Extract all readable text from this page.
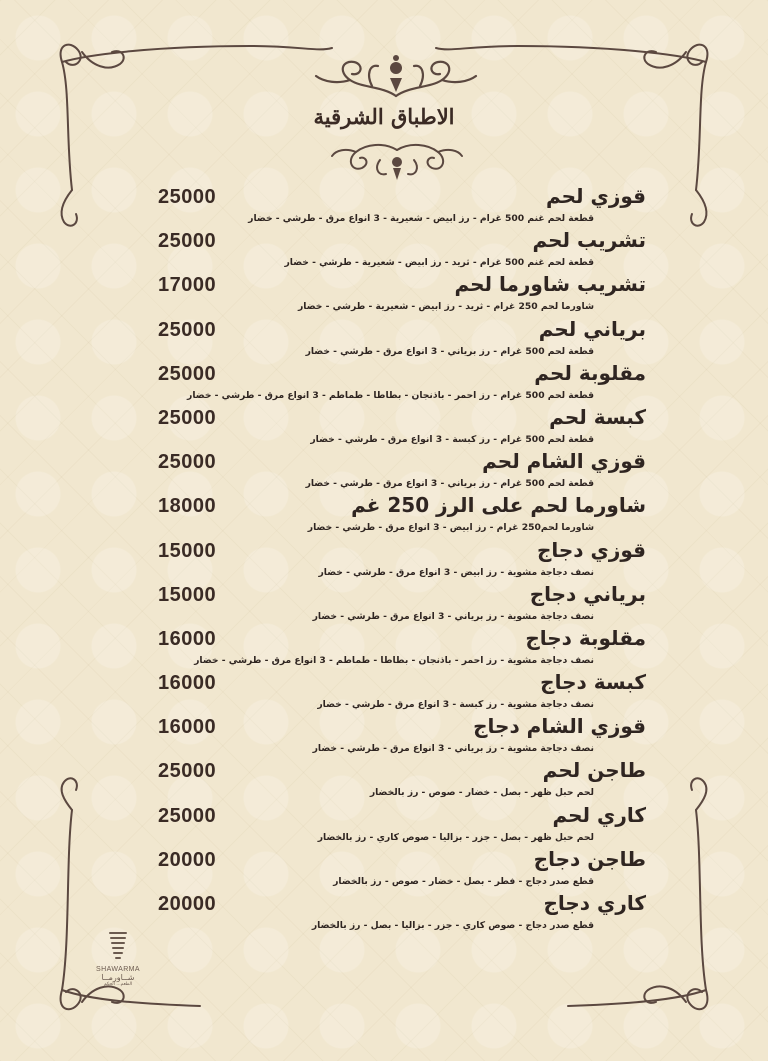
الاطباق الشرقية
قوزي لحم
25000
قطعة لحم غنم 500 غرام - رز ابيض - شعيرية - 3 انواع مرق - طرشي - خضار
تشريب لحم
25000
قطعة لحم غنم 500 غرام - ثريد - رز ابيض - شعيرية - طرشي - خضار
تشريب شاورما لحم
17000
شاورما لحم 250 غرام - ثريد - رز ابيض - شعيرية - طرشي - خضار
برياني لحم
25000
قطعة لحم 500 غرام - رز برياني - 3 انواع مرق - طرشي - خضار
مقلوبة لحم
25000
قطعة لحم 500 غرام - رز احمر - باذنجان - بطاطا - طماطم - 3 انواع مرق - طرشي - خضار
كبسة لحم
25000
قطعة لحم 500 غرام - رز كبسة - 3 انواع مرق - طرشي - خضار
قوزي الشام لحم
25000
قطعة لحم 500 غرام - رز برياني - 3 انواع مرق - طرشي - خضار
شاورما لحم على الرز 250 غم
18000
شاورما لحم250 غرام - رز ابيض - 3 انواع مرق - طرشي - خضار
قوزي دجاج
15000
نصف دجاجة مشوية - رز ابيض - 3 انواع مرق - طرشي - خضار
برياني دجاج
15000
نصف دجاجة مشوية - رز برياني - 3 انواع مرق - طرشي - خضار
مقلوبة دجاج
16000
نصف دجاجة مشوية - رز احمر - باذنجان - بطاطا - طماطم - 3 انواع مرق - طرشي - خضار
كبسة دجاج
16000
نصف دجاجة مشوية - رز كبسة - 3 انواع مرق - طرشي - خضار
قوزي الشام دجاج
16000
نصف دجاجة مشوية - رز برياني - 3 انواع مرق - طرشي - خضار
طاجن لحم
25000
لحم حبل ظهر - بصل - خضار - صوص - رز بالخضار
كاري لحم
25000
لحم حبل ظهر - بصل - جزر - بزاليا - صوص كاري - رز بالخضار
طاجن دجاج
20000
قطع صدر دجاج - فطر - بصل - خضار - صوص - رز بالخضار
كاري دجاج
20000
قطع صدر دجاج - صوص كاري - جزر - بزاليا - بصل - رز بالخضار
SHAWARMA
شــاورمــا
الطعم... الحكم
